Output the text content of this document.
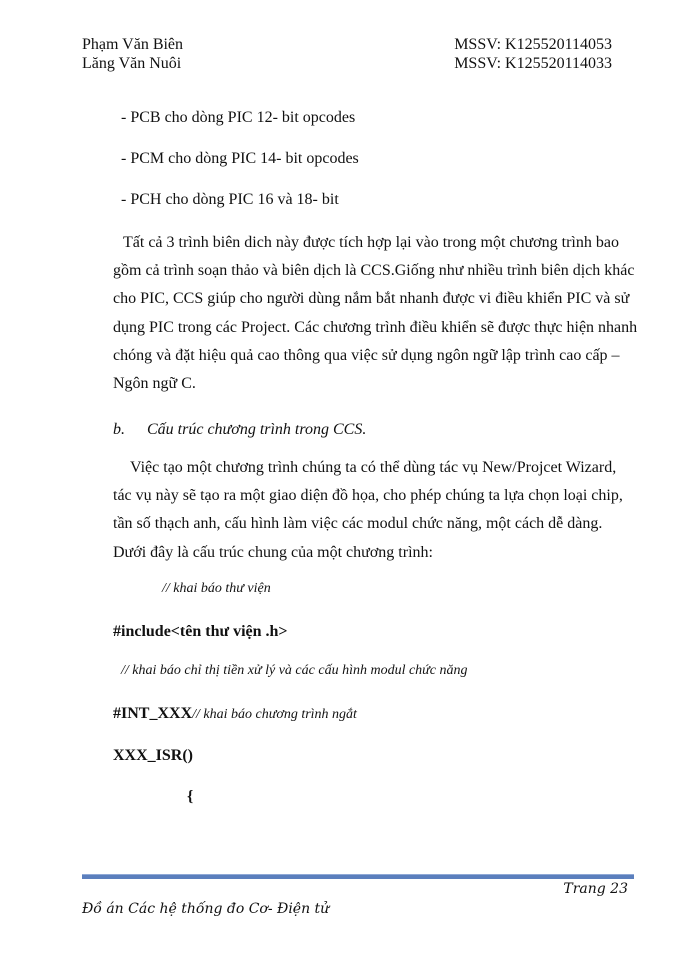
Phạm Văn Biên
Lăng Văn Nuôi
MSSV: K125520114053
MSSV: K125520114033
- PCB cho dòng PIC 12- bit opcodes
- PCM cho dòng PIC 14- bit opcodes
- PCH cho dòng PIC 16 và 18- bit
Tất cả 3 trình biên dich này được tích hợp lại vào trong một chương trình bao
gồm cả trình soạn thảo và biên dịch là CCS.Giống như nhiều trình biên dịch khác
cho PIC, CCS giúp cho người dùng nắm bắt nhanh được vi điều khiển PIC và sử
dụng PIC trong các Project. Các chương trình điều khiển sẽ được thực hiện nhanh
chóng và đặt hiệu quả cao thông qua việc sử dụng ngôn ngữ lập trình cao cấp –
Ngôn ngữ C.
b. Cấu trúc chương trình trong CCS.
Việc tạo một chương trình chúng ta có thể dùng tác vụ New/Projcet Wizard,
tác vụ này sẽ tạo ra một giao diện đồ họa, cho phép chúng ta lựa chọn loại chip,
tần số thạch anh, cấu hình làm việc các modul chức năng, một cách dễ dàng.
Dưới đây là cấu trúc chung của một chương trình:
// khai báo thư viện
#include<tên thư viện .h>
// khai báo chỉ thị tiền xử lý và các cấu hình modul chức năng
#INT_XXX// khai báo chương trình ngắt
XXX_ISR()
{
Trang 23
Đồ án Các hệ thống đo Cơ- Điện tử
